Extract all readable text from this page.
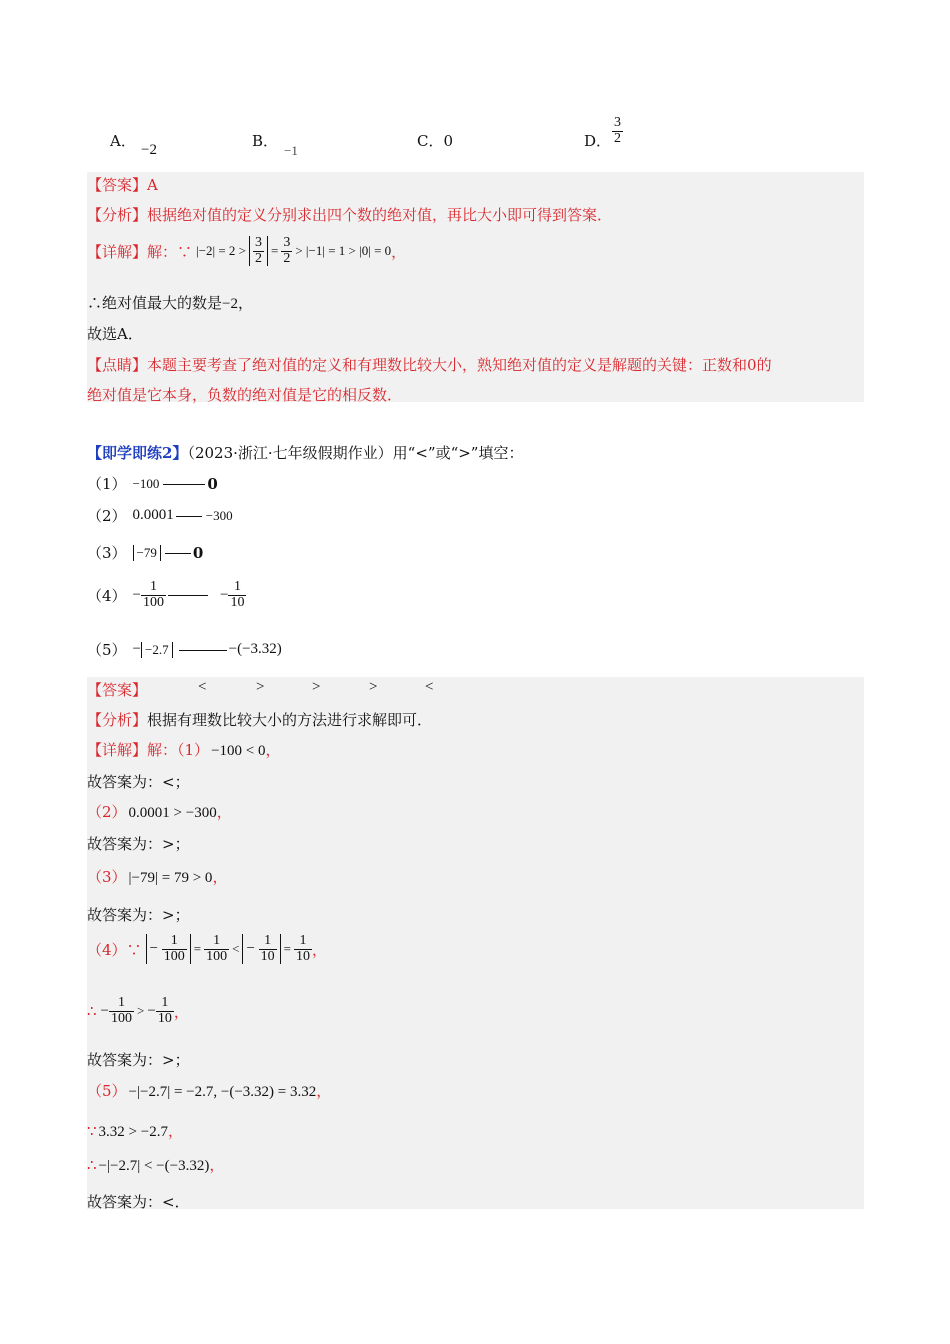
A． −2	B．
−1
C．0	D． $\frac{3}{2}$
【答案】A
【分析】根据绝对值的定义分别求出四个数的绝对值，再比大小即可得到答案．
【详解】 解：∵ $|-2| = 2 > \frac{3}{2} = \frac{3}{2} > |-1| = 1 > |0| = 0$ ，
∴绝对值最大的数是−2，
故选A．
【点睛】本题主要考查了绝对值的定义和有理数比较大小，熟知绝对值的定义是解题的关键：正数和0的
绝对值是它本身，负数的绝对值是它的相反数．
【即学即练2】（2023·浙江·七年级假期作业）用“<”或“>”填空：
（1） −100	0
（2） 0.0001 −300
（3） −79 0
$(4) - \frac{1}{100}$	− $\frac{1}{10}$
（5） − −2.7	−(−3.32)
【答案】	<	>	>	>	<
【分析】根据有理数比较大小的方法进行求解即可．
【详解】解：（1） −100 < 0，
故答案为：<；
（2） 0.0001 > −300，
故答案为：>；
（3） |−79| = 79 > 0，
故答案为：>；
（4）∵ − $\frac{1}{100} = \frac{1}{100}$ < − $\frac{1}{10} = \frac{1}{10}$ ，
∴ − $\frac{1}{100}$ > − $\frac{1}{10}$ ，
故答案为：>；
（5） −|−2.7| = −2.7, −(−3.32) = 3.32，
∵ 3.32 > −2.7，
∴ −|−2.7| < −(−3.32)，
故答案为：<．
